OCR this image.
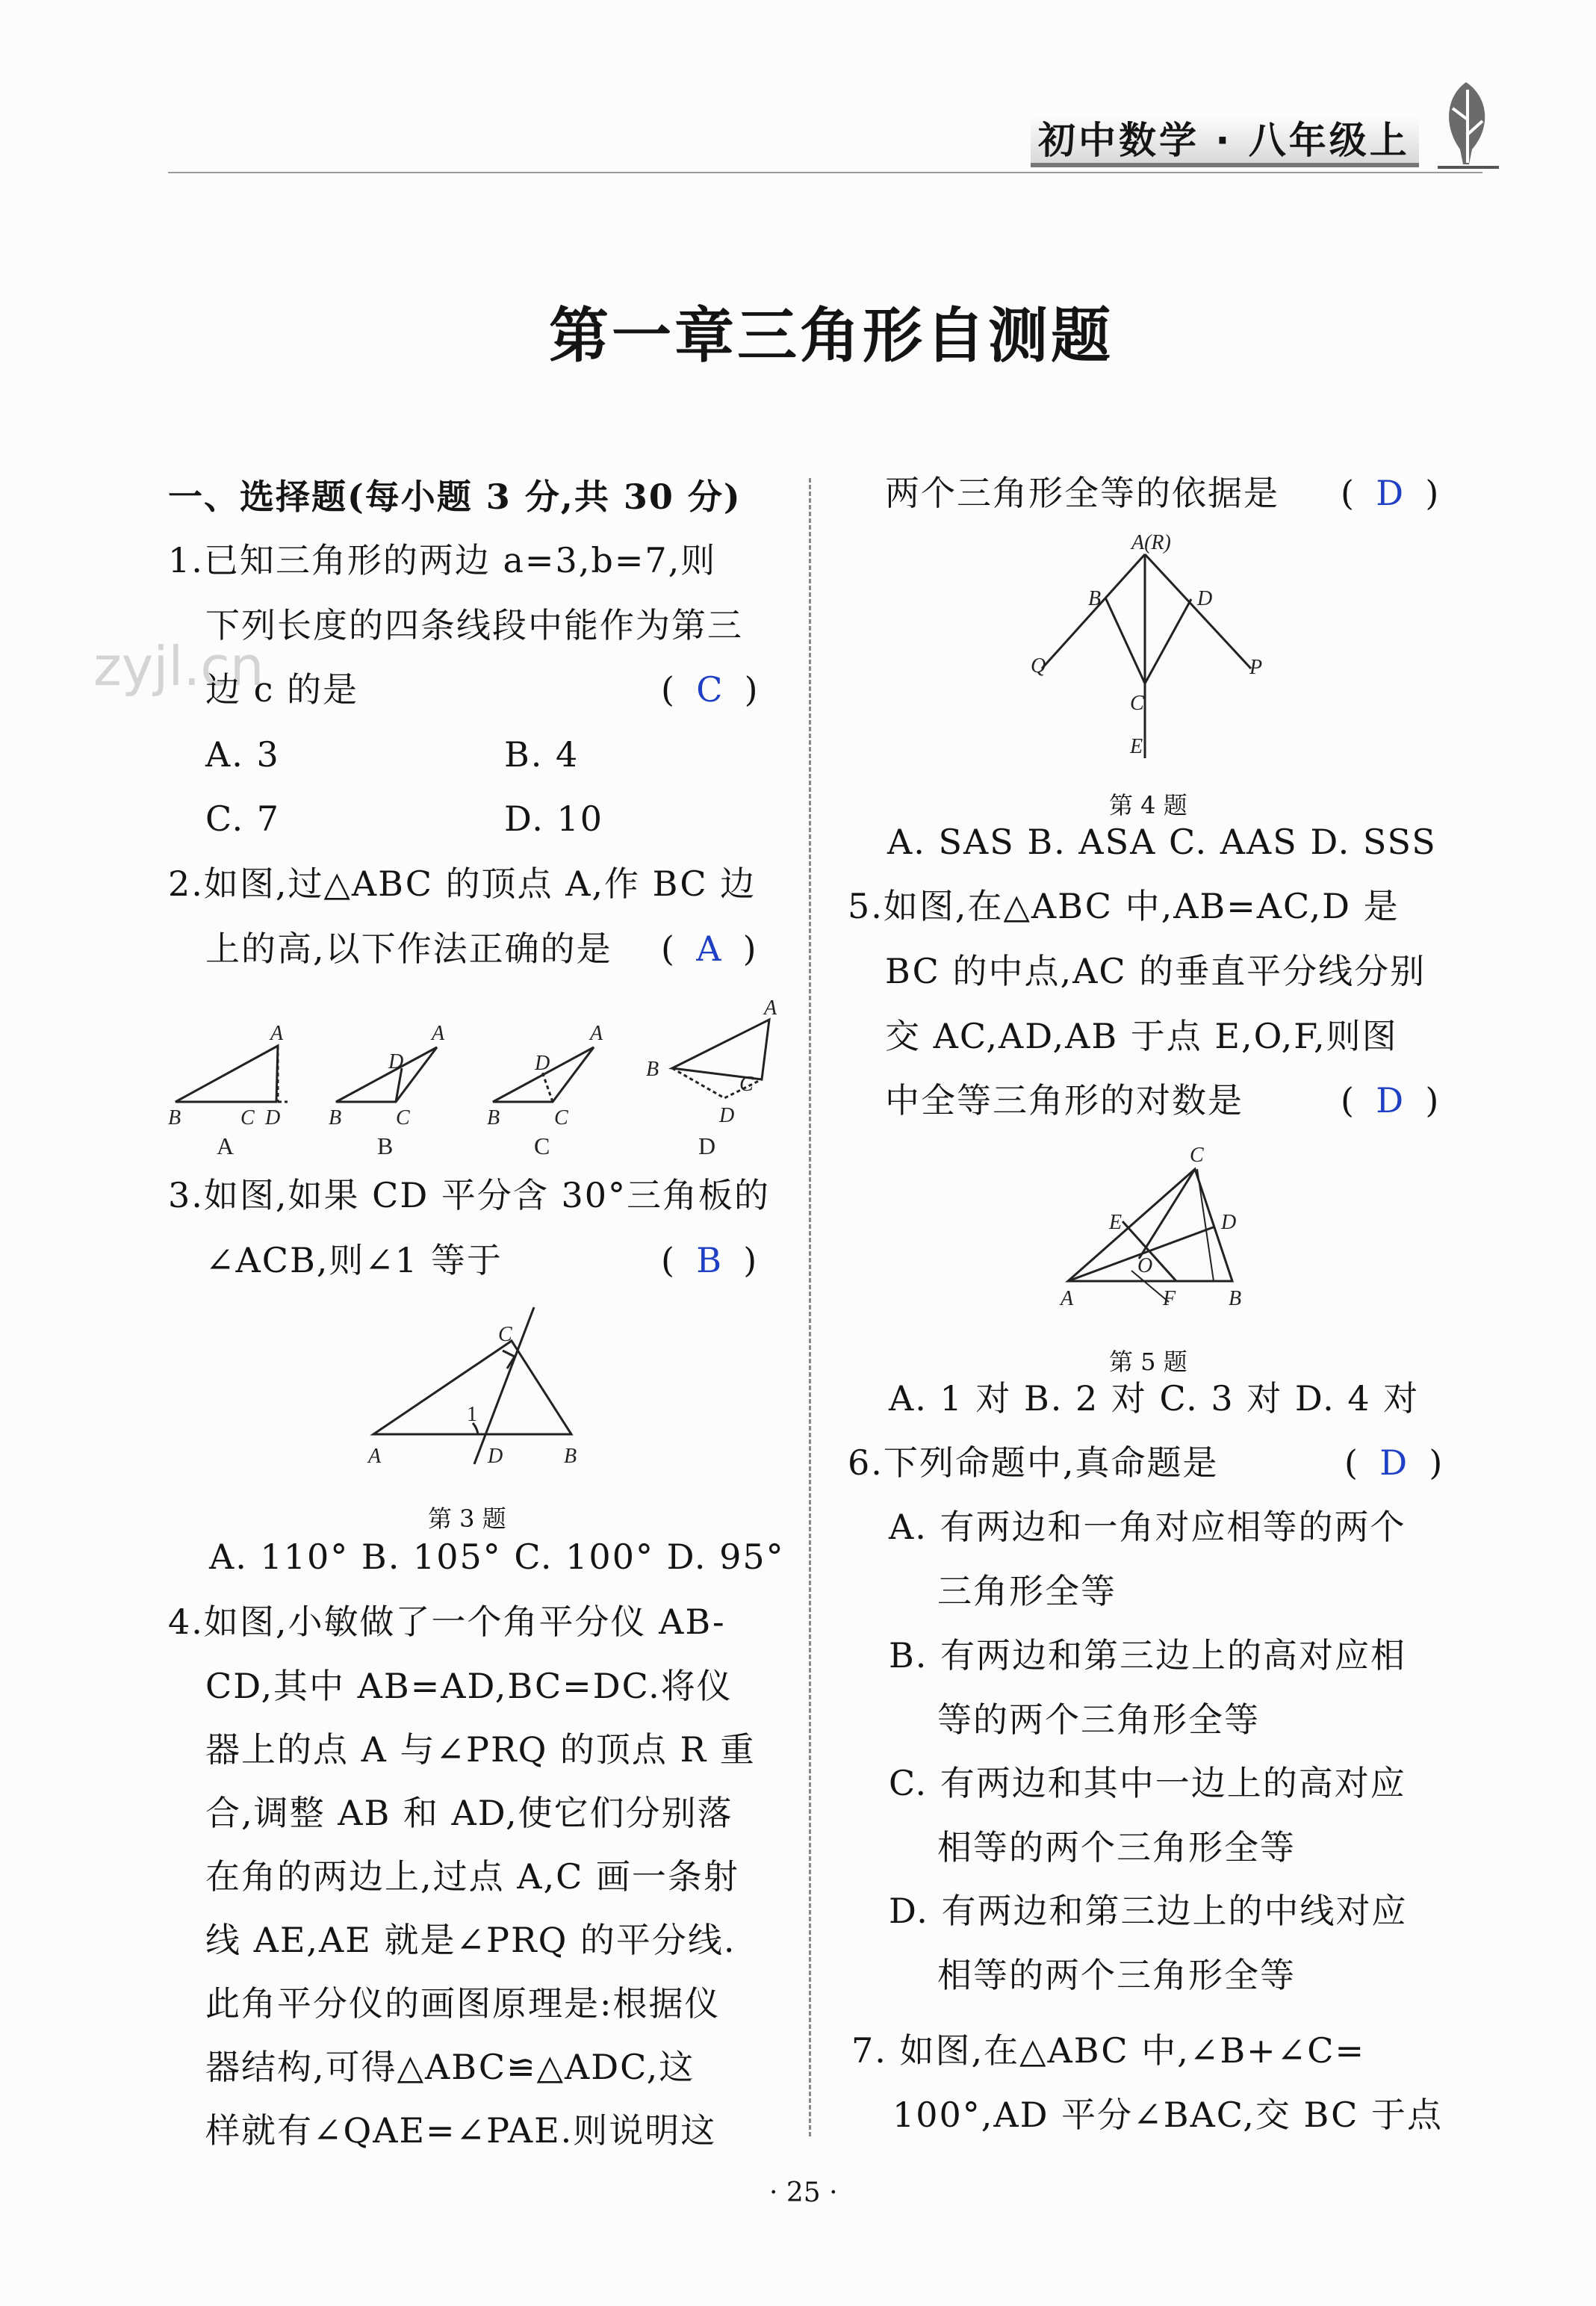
初中数学 · 八年级上
zyjl.cn
第一章三角形自测题
一、选择题(每小题 3 分,共 30 分)
1.已知三角形的两边 a=3,b=7,则
下列长度的四条线段中能作为第三
边 c 的是	(  C  )
A. 3	B. 4
C. 7	D. 10
2.如图,过△ABC 的顶点 A,作 BC 边
上的高,以下作法正确的是 (  A  )
B	C D
A
B	C
D
A
B	C
D
A
B
C
D
A
A	B	C	D
3.如图,如果 CD 平分含 30°三角板的
∠ACB,则∠1 等于	(  B  )
A	D	B
C
1
第 3 题
A. 110° B. 105° C. 100° D. 95°
4.如图,小敏做了一个角平分仪 AB-
CD,其中 AB=AD,BC=DC.将仪
器上的点 A 与∠PRQ 的顶点 R 重
合,调整 AB 和 AD,使它们分别落
在角的两边上,过点 A,C 画一条射
线 AE,AE 就是∠PRQ 的平分线.
此角平分仪的画图原理是:根据仪
器结构,可得△ABC≌△ADC,这
样就有∠QAE=∠PAE.则说明这
两个三角形全等的依据是 (  D  )
A(R)
B	D
Q	P
C
E
第 4 题
A. SAS B. ASA C. AAS D. SSS
5.如图,在△ABC 中,AB=AC,D 是
BC 的中点,AC 的垂直平分线分别
交 AC,AD,AB 于点 E,O,F,则图
中全等三角形的对数是	(  D  )
C
E	D
O
A	F	B
第 5 题
A. 1 对 B. 2 对 C. 3 对 D. 4 对
6.下列命题中,真命题是	(  D  )
A. 有两边和一角对应相等的两个
三角形全等
B. 有两边和第三边上的高对应相
等的两个三角形全等
C. 有两边和其中一边上的高对应
相等的两个三角形全等
D. 有两边和第三边上的中线对应
相等的两个三角形全等
7. 如图,在△ABC 中,∠B+∠C=
100°,AD 平分∠BAC,交 BC 于点
· 25 ·
